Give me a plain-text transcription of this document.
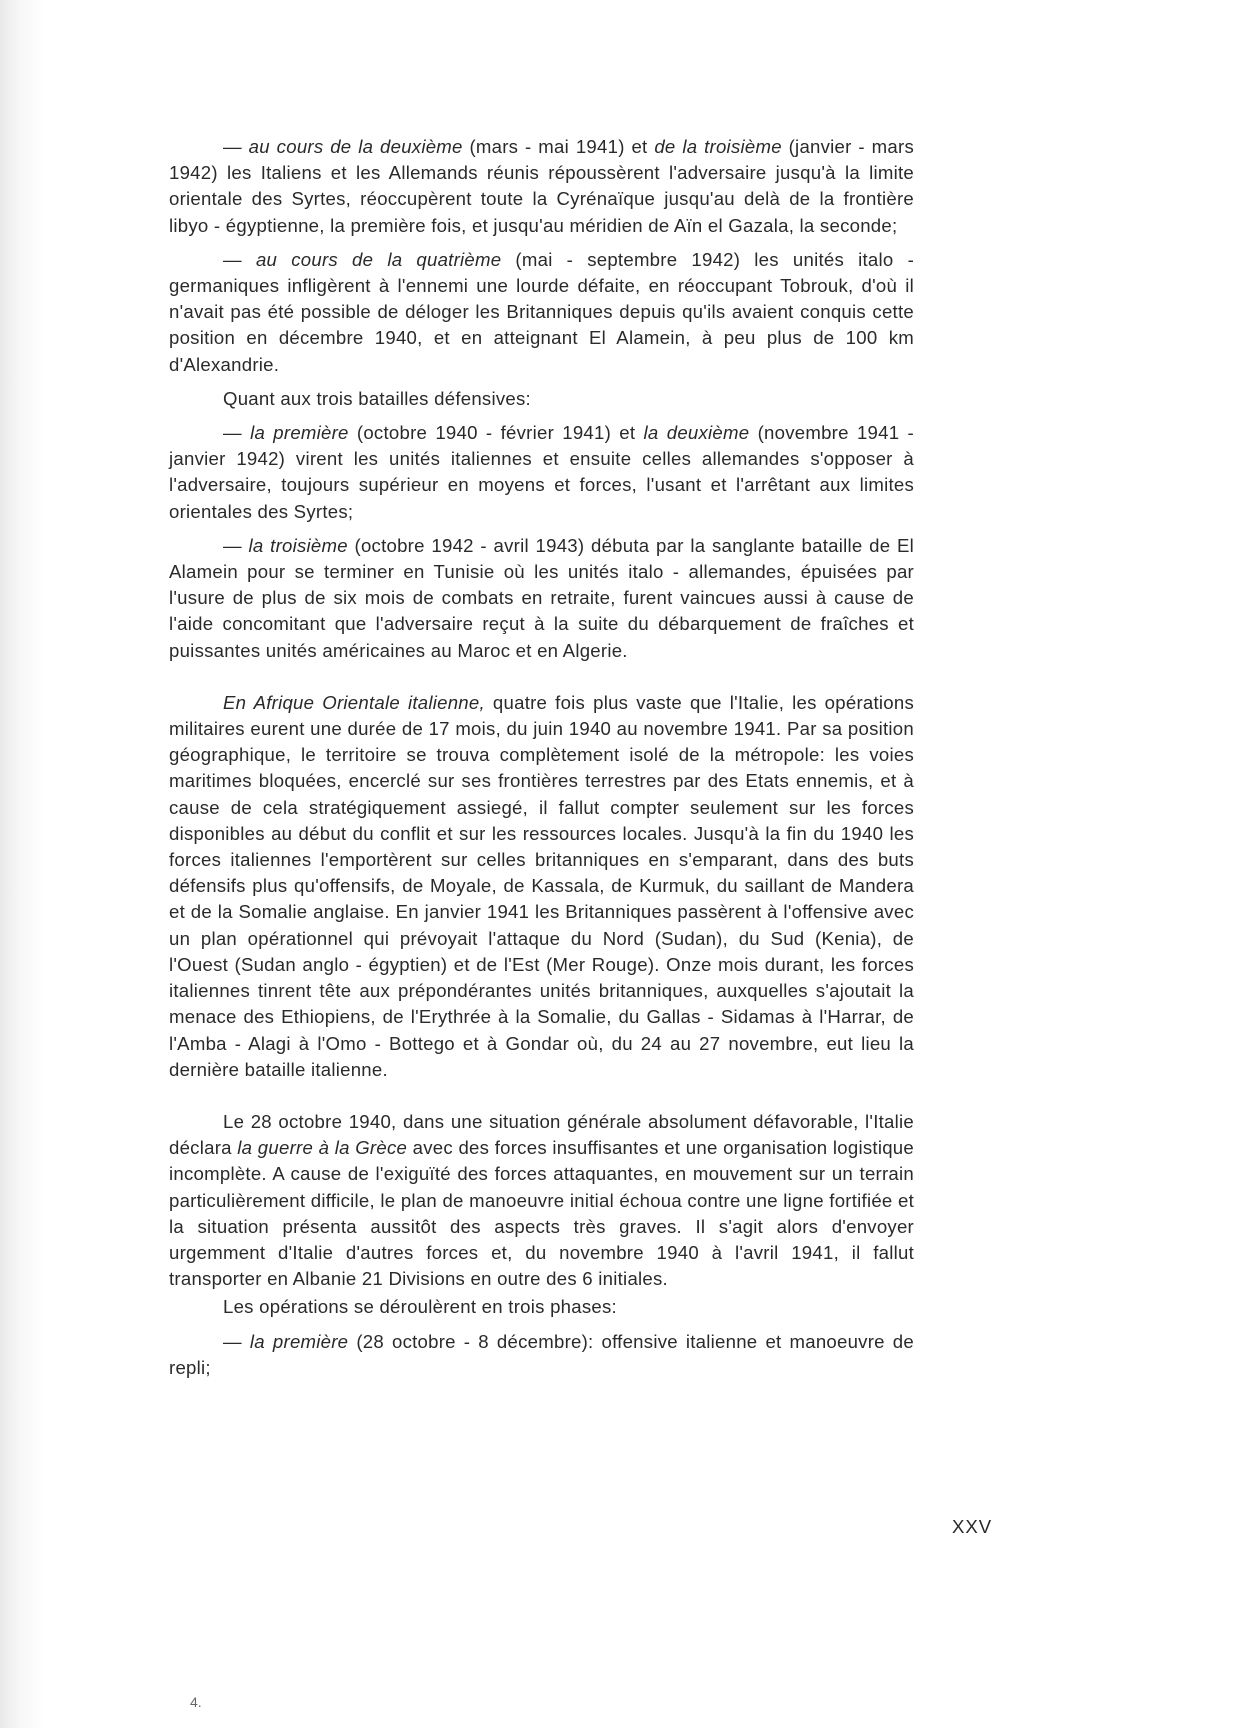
— au cours de la deuxième (mars - mai 1941) et de la troisième (janvier - mars 1942) les Italiens et les Allemands réunis répoussèrent l'adversaire jusqu'à la limite orientale des Syrtes, réoccupèrent toute la Cyrénaïque jusqu'au delà de la frontière libyo - égyptienne, la première fois, et jusqu'au méridien de Aïn el Gazala, la seconde;

— au cours de la quatrième (mai - septembre 1942) les unités italo - germaniques infligèrent à l'ennemi une lourde défaite, en réoccupant Tobrouk, d'où il n'avait pas été possible de déloger les Britanniques depuis qu'ils avaient conquis cette position en décembre 1940, et en atteignant El Alamein, à peu plus de 100 km d'Alexandrie.

Quant aux trois batailles défensives:

— la première (octobre 1940 - février 1941) et la deuxième (novembre 1941 - janvier 1942) virent les unités italiennes et ensuite celles allemandes s'opposer à l'adversaire, toujours supérieur en moyens et forces, l'usant et l'arrêtant aux limites orientales des Syrtes;

— la troisième (octobre 1942 - avril 1943) débuta par la sanglante bataille de El Alamein pour se terminer en Tunisie où les unités italo - allemandes, épuisées par l'usure de plus de six mois de combats en retraite, furent vaincues aussi à cause de l'aide concomitant que l'adversaire reçut à la suite du débarquement de fraîches et puissantes unités américaines au Maroc et en Algerie.

En Afrique Orientale italienne, quatre fois plus vaste que l'Italie, les opérations militaires eurent une durée de 17 mois, du juin 1940 au novembre 1941. Par sa position géographique, le territoire se trouva complètement isolé de la métropole: les voies maritimes bloquées, encerclé sur ses frontières terrestres par des Etats ennemis, et à cause de cela stratégiquement assiegé, il fallut compter seulement sur les forces disponibles au début du conflit et sur les ressources locales. Jusqu'à la fin du 1940 les forces italiennes l'emportèrent sur celles britanniques en s'emparant, dans des buts défensifs plus qu'offensifs, de Moyale, de Kassala, de Kurmuk, du saillant de Mandera et de la Somalie anglaise. En janvier 1941 les Britanniques passèrent à l'offensive avec un plan opérationnel qui prévoyait l'attaque du Nord (Sudan), du Sud (Kenia), de l'Ouest (Sudan anglo - égyptien) et de l'Est (Mer Rouge). Onze mois durant, les forces italiennes tinrent tête aux prépondérantes unités britanniques, auxquelles s'ajoutait la menace des Ethiopiens, de l'Erythrée à la Somalie, du Gallas - Sidamas à l'Harrar, de l'Amba - Alagi à l'Omo - Bottego et à Gondar où, du 24 au 27 novembre, eut lieu la dernière bataille italienne.

Le 28 octobre 1940, dans une situation générale absolument défavorable, l'Italie déclara la guerre à la Grèce avec des forces insuffisantes et une organisation logistique incomplète. A cause de l'exiguïté des forces attaquantes, en mouvement sur un terrain particulièrement difficile, le plan de manoeuvre initial échoua contre une ligne fortifiée et la situation présenta aussitôt des aspects très graves. Il s'agit alors d'envoyer urgemment d'Italie d'autres forces et, du novembre 1940 à l'avril 1941, il fallut transporter en Albanie 21 Divisions en outre des 6 initiales.

Les opérations se déroulèrent en trois phases:

— la première (28 octobre - 8 décembre): offensive italienne et manoeuvre de repli;

XXV
4.
